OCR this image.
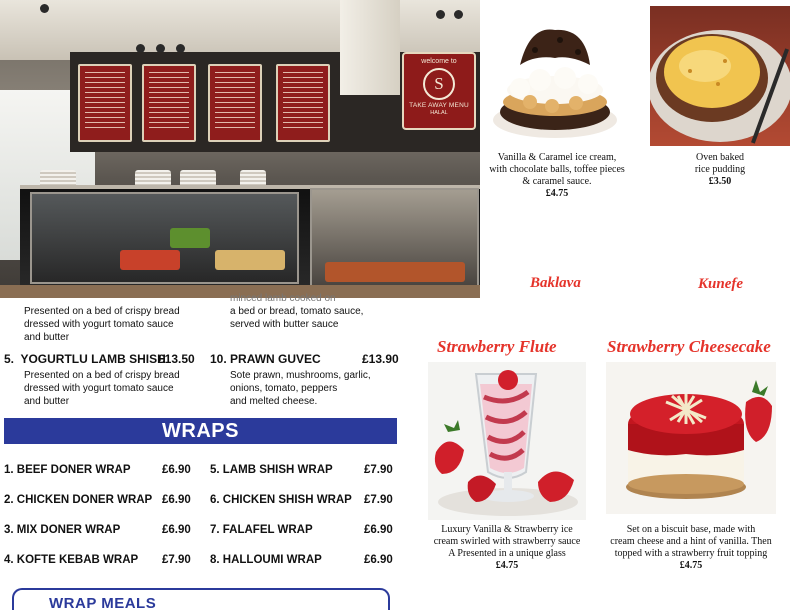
welcome to
S
TAKE AWAY MENU
HALAL
Presented on a bed of crispy bread
dressed with yogurt tomato sauce
and butter
minced lamb cooked on
a bed or bread, tomato sauce,
served with butter sauce
5. YOGURTLU LAMB SHISH
£13.50
Presented on a bed of crispy bread
dressed with yogurt tomato sauce
and butter
10. PRAWN GUVEC	£13.90
Sote prawn, mushrooms, garlic,
onions, tomato, peppers
and melted cheese.
WRAPS
1. BEEF DONER WRAP	£6.90
2. CHICKEN DONER WRAP £6.90
3. MIX DONER WRAP	£6.90
4. KOFTE KEBAB WRAP £7.90
5. LAMB SHISH WRAP	£7.90
6. CHICKEN SHISH WRAP £7.90
7. FALAFEL WRAP	£6.90
8. HALLOUMI WRAP	£6.90
WRAP MEALS
Vanilla & Caramel ice cream,
with chocolate balls, toffee pieces
& caramel sauce.
£4.75
Oven baked
rice pudding
£3.50
Baklava	Kunefe
Strawberry Flute	Strawberry Cheesecake
Luxury Vanilla & Strawberry ice
cream swirled with strawberry sauce
A Presented in a unique glass
£4.75
Set on a biscuit base, made with
cream cheese and a hint of vanilla. Then
topped with a strawberry fruit topping
£4.75
